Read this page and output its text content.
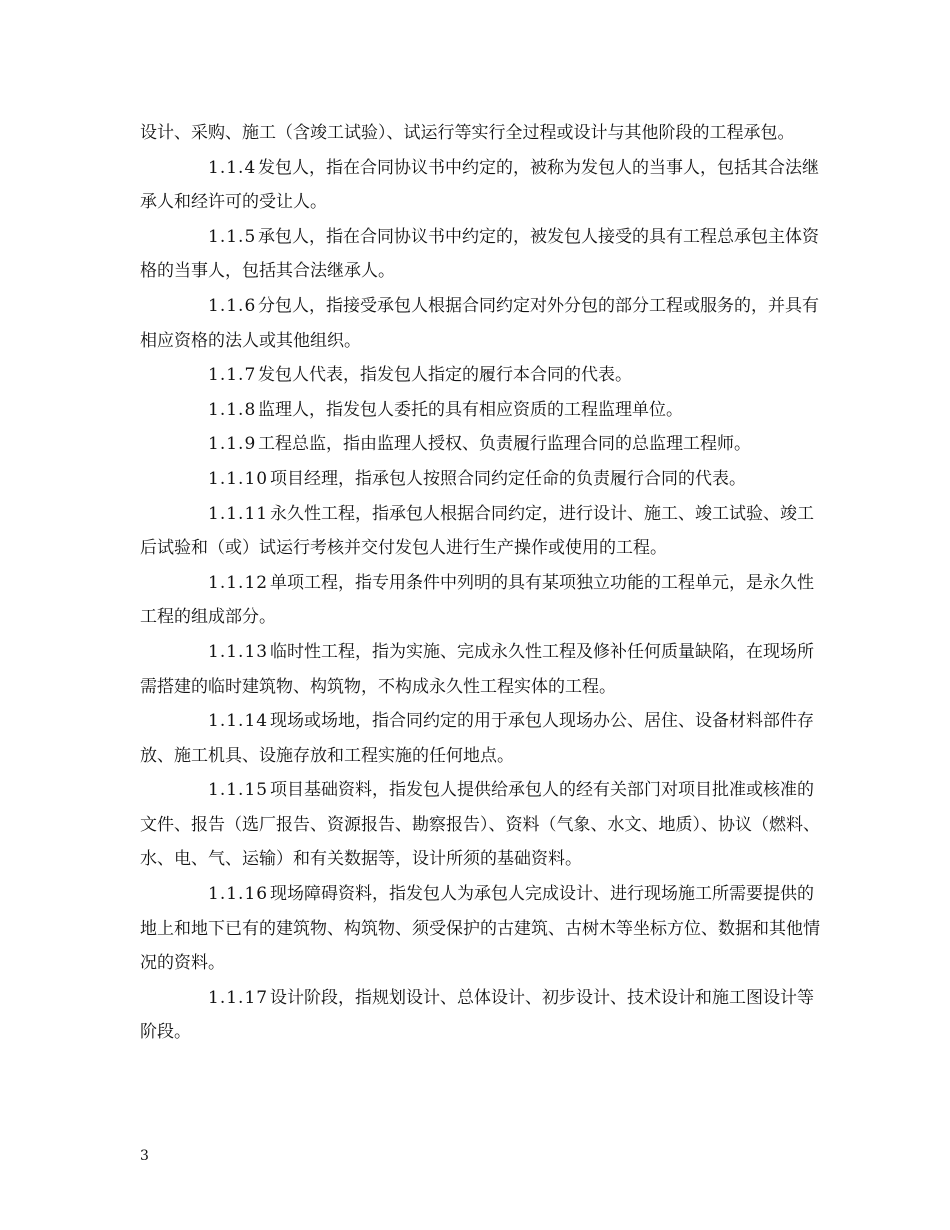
设计、采购、施工（含竣工试验）、试运行等实行全过程或设计与其他阶段的工程承包。

1.1.4 发包人，指在合同协议书中约定的，被称为发包人的当事人，包括其合法继承人和经许可的受让人。

1.1.5 承包人，指在合同协议书中约定的，被发包人接受的具有工程总承包主体资格的当事人，包括其合法继承人。

1.1.6 分包人，指接受承包人根据合同约定对外分包的部分工程或服务的，并具有相应资格的法人或其他组织。

1.1.7 发包人代表，指发包人指定的履行本合同的代表。

1.1.8 监理人，指发包人委托的具有相应资质的工程监理单位。

1.1.9 工程总监，指由监理人授权、负责履行监理合同的总监理工程师。

1.1.10 项目经理，指承包人按照合同约定任命的负责履行合同的代表。

1.1.11 永久性工程，指承包人根据合同约定，进行设计、施工、竣工试验、竣工后试验和（或）试运行考核并交付发包人进行生产操作或使用的工程。

1.1.12 单项工程，指专用条件中列明的具有某项独立功能的工程单元，是永久性工程的组成部分。

1.1.13 临时性工程，指为实施、完成永久性工程及修补任何质量缺陷，在现场所需搭建的临时建筑物、构筑物，不构成永久性工程实体的工程。

1.1.14 现场或场地，指合同约定的用于承包人现场办公、居住、设备材料部件存放、施工机具、设施存放和工程实施的任何地点。

1.1.15 项目基础资料，指发包人提供给承包人的经有关部门对项目批准或核准的文件、报告（选厂报告、资源报告、勘察报告）、资料（气象、水文、地质）、协议（燃料、水、电、气、运输）和有关数据等，设计所须的基础资料。

1.1.16 现场障碍资料，指发包人为承包人完成设计、进行现场施工所需要提供的地上和地下已有的建筑物、构筑物、须受保护的古建筑、古树木等坐标方位、数据和其他情况的资料。

1.1.17 设计阶段，指规划设计、总体设计、初步设计、技术设计和施工图设计等阶段。

3
